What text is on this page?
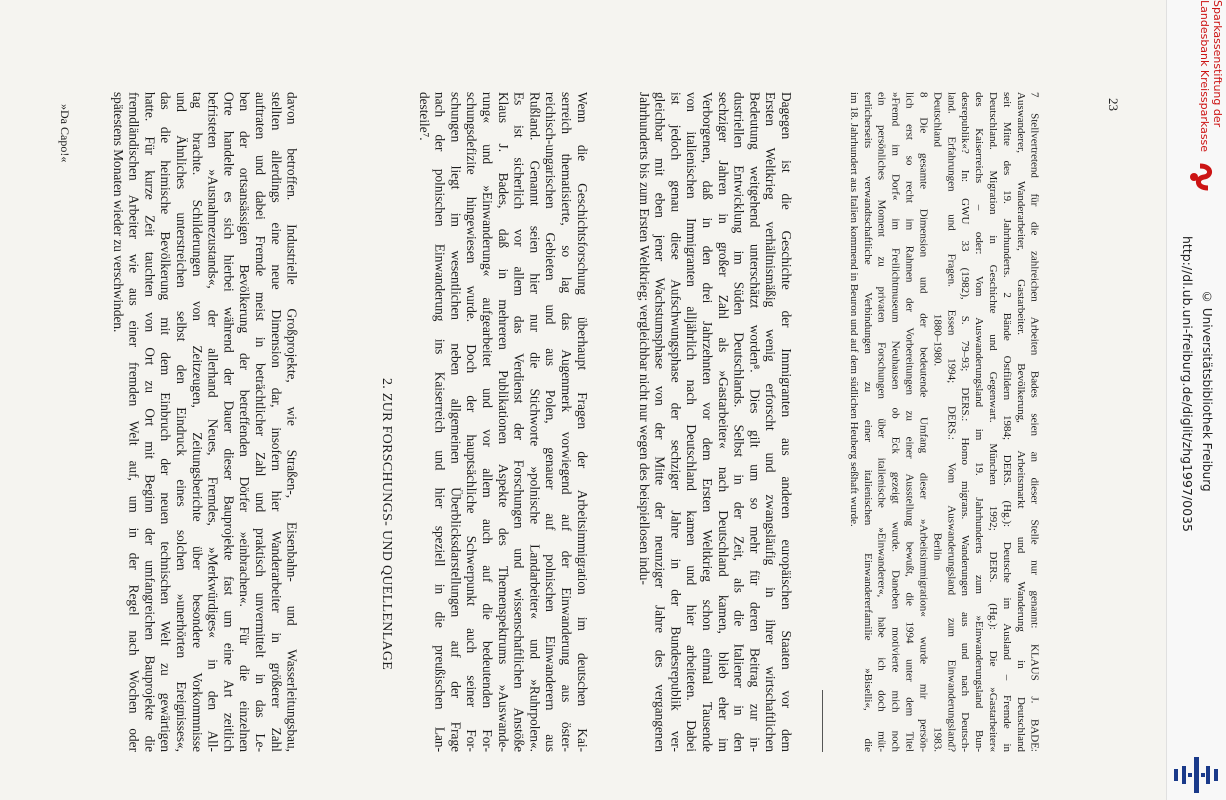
»Da Capo!«	23
davon betroffen. Industrielle Großprojekte, wie Straßen-, Eisenbahn- und Wasserleitungsbau,
stellten allerdings eine neue Dimension dar, insofern hier Wanderarbeiter in größerer Zahl
auftraten und dabei Fremde meist in beträchtlicher Zahl und praktisch unvermittelt in das Le-
ben der ortsansässigen Bevölkerung der betreffenden Dörfer »einbrachen«. Für die einzelnen
Orte handelte es sich hierbei während der Dauer dieser Bauprojekte fast um eine Art zeitlich
befristeten »Ausnahmezustands«, der allerhand Neues, Fremdes, »Merkwürdiges« in den All-
tag brachte. Schilderungen von Zeitzeugen, Zeitungsberichte über besondere Vorkommnisse
und Ähnliches unterstreichen selbst den Eindruck eines solchen »unerhörten Ereignisses«,
das die heimische Bevölkerung mit dem Einbruch der neuen technischen Welt zu gewärtigen
hatte. Für kurze Zeit tauchten von Ort zu Ort mit Beginn der umfangreichen Bauprojekte die
fremdländischen Arbeiter wie aus einer fremden Welt auf, um in der Regel nach Wochen oder
spätestens Monaten wieder zu verschwinden.
2. ZUR FORSCHUNGS- UND QUELLENLAGE	Wenn die Geschichtsforschung überhaupt Fragen der Arbeitsimmigration im deutschen Kai-
serreich thematisierte, so lag das Augenmerk vorwiegend auf der Einwanderung aus öster-
reichisch-ungarischen Gebieten und aus Polen, genauer auf polnischen Einwanderern aus
Rußland. Genannt seien hier nur die Stichworte »polnische Landarbeiter« und »Ruhrpolen«.
Es ist sicherlich vor allem das Verdienst der Forschungen und wissenschaftlichen Anstöße
Klaus J. Bades, daß in mehreren Publikationen Aspekte des Themenspektrums »Auswande-
rung« und »Einwanderung« aufgearbeitet und vor allem auch auf die bedeutenden For-
schungsdefizite hingewiesen wurde. Doch der hauptsächliche Schwerpunkt auch seiner For-
schungen liegt im wesentlichen neben allgemeinen Überblicksdarstellungen auf der Frage
nach der polnischen Einwanderung ins Kaiserreich und hier speziell in die preußischen Lan-
desteile⁷.	Dagegen ist die Geschichte der Immigranten aus anderen europäischen Staaten vor dem
Ersten Weltkrieg verhältnismäßig wenig erforscht und zwangsläufig in ihrer wirtschaftlichen
Bedeutung weitgehend unterschätzt worden⁸. Dies gilt um so mehr für deren Beitrag zur in-
dustriellen Entwicklung im Süden Deutschlands. Selbst in der Zeit, als die Italiener in den
sechziger Jahren in großer Zahl als »Gastarbeiter« nach Deutschland kamen, blieb eher im
Verborgenen, daß in den drei Jahrzehnten vor dem Ersten Weltkrieg schon einmal Tausende
von italienischen Immigranten alljährlich nach Deutschland kamen und hier arbeiteten. Dabei
ist jedoch genau diese Aufschwungsphase der sechziger Jahre in der Bundesrepublik ver-
gleichbar mit eben jener Wachstumsphase von der Mitte der neunziger Jahre des vergangenen
Jahrhunderts bis zum Ersten Weltkrieg; vergleichbar nicht nur wegen des beispiellosen indu-	7 Stellvertretend für die zahlreichen Arbeiten Bades seien an dieser Stelle nur genannt: KLAUS J. BADE:
Auswanderer, Wanderarbeiter, Gastarbeiter. Bevölkerung, Arbeitsmarkt und Wanderung in Deutschland
seit Mitte des 19. Jahrhunderts. 2 Bände Ostfildern 1984; DERS. (Hg.): Deutsche im Ausland – Fremde in
Deutschland. Migration in Geschichte und Gegenwart. München 1992; DERS. (Hg.): Die »Gastarbeiter«
des Kaiserreichs – oder: Vom Auswanderungsland im 19. Jahrhunderts zum »Einwanderungsland Bun-
desrepublik«? In: GWU 33 (1982), S. 79–93; DERS.: Homo migrans. Wanderungen aus und nach Deutsch-
land. Erfahrungen und Fragen. Essen 1994; DERS.: Vom Auswanderungsland zum Einwanderungsland?
Deutschland 1880–1980. Berlin 1983.
8 Die gesamte Dimension und der bedeutende Umfang dieser »Arbeitsimmigration« wurde mir persön-
lich erst so recht im Rahmen der Vorbereitungen zu einer Ausstellung bewußt, die 1994 unter dem Titel
»Fremd im Dorf« im Freilichtmuseum Neuhausen ob Eck gezeigt wurde. Daneben motivierte mich noch
ein persönliches Moment zu privaten Forschungen über italienische »Einwanderer«, habe ich doch müt-
terlicherseits verwandtschaftliche Verbindungen zu einer italienischen Einwandererfamilie »Biselli«, die
im 18. Jahrhundert aus Italien kommend in Beuron und auf dem südlichen Heuberg seßhaft wurde.
Sparkassenstiftung der
Landesbank Kreissparkasse
http://dl.ub.uni-freiburg.de/diglit/zhg1997/0035 © Universitätsbibliothek Freiburg
